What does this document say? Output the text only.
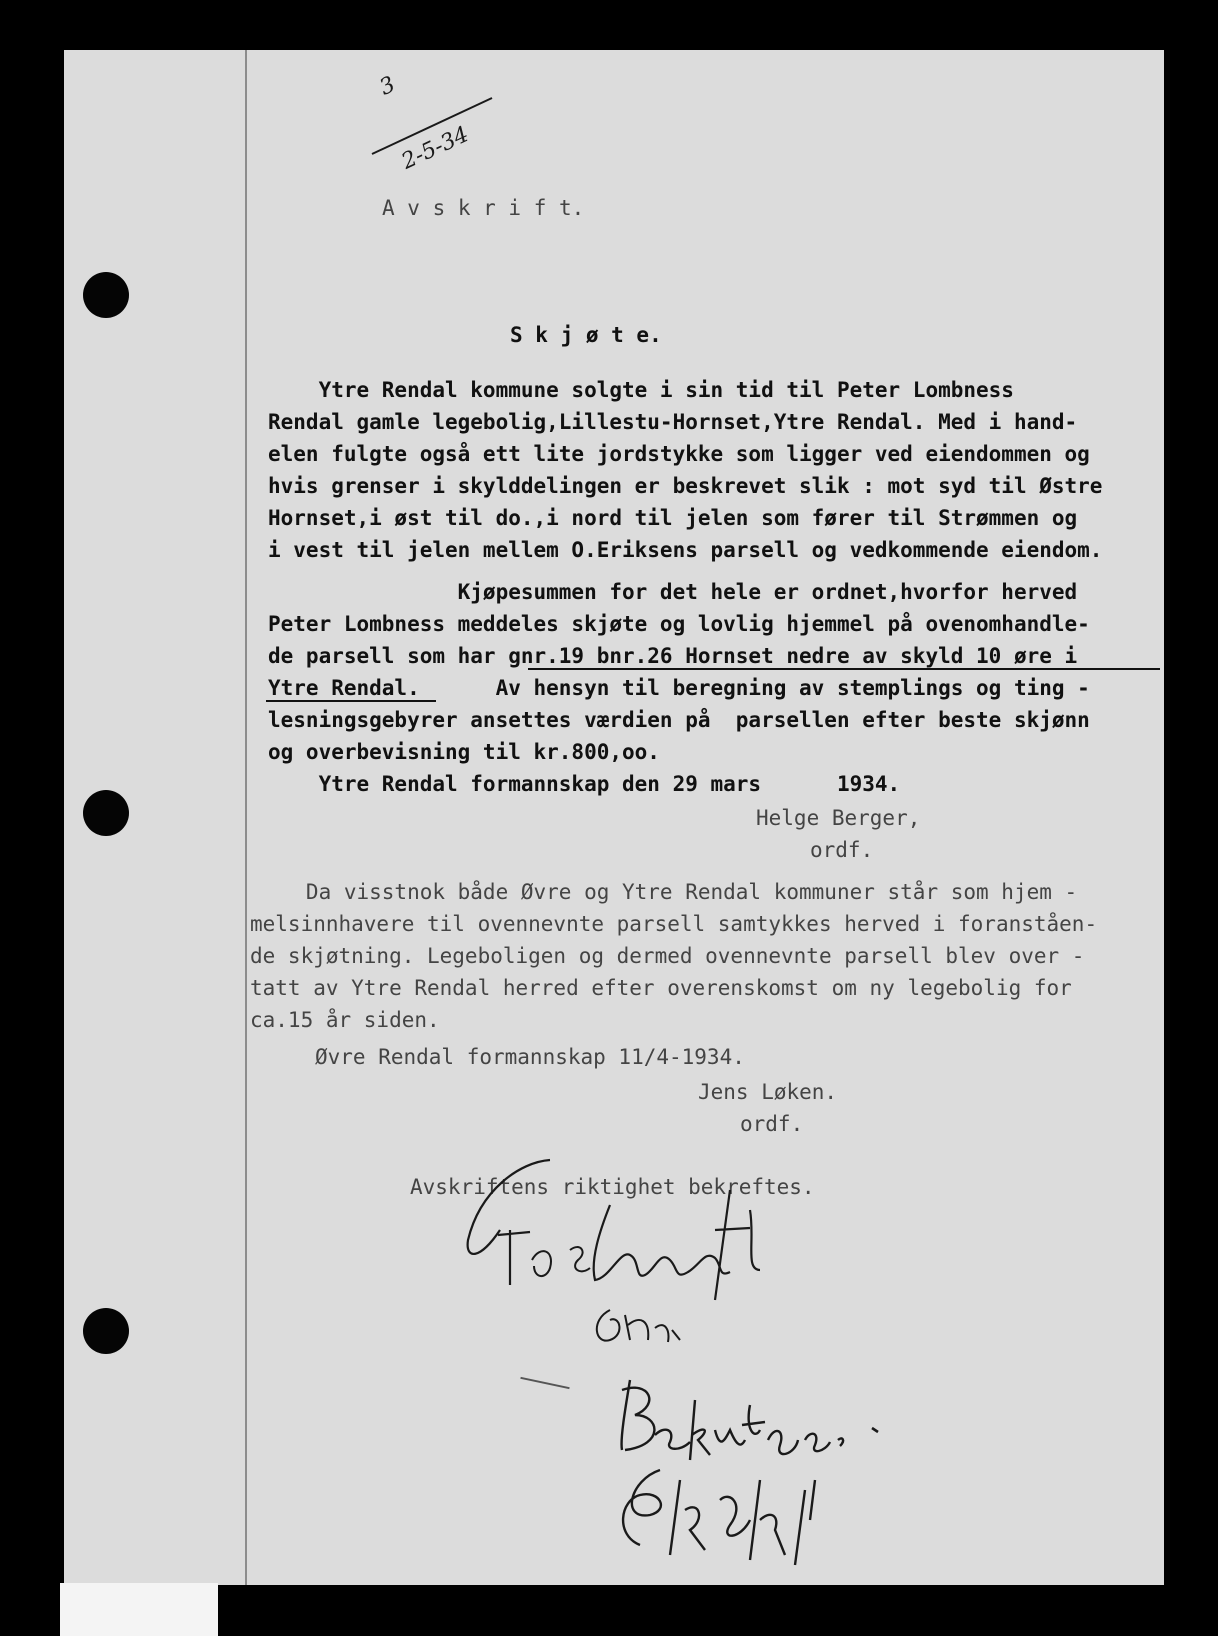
3
2-5-34
A v s k r i f t.
S k j ø t e.
Ytre Rendal kommune solgte i sin tid til Peter Lombness
Rendal gamle legebolig,Lillestu-Hornset,Ytre Rendal. Med i hand-
elen fulgte også ett lite jordstykke som ligger ved eiendommen og
hvis grenser i skylddelingen er beskrevet slik : mot syd til Østre
Hornset,i øst til do.,i nord til jelen som fører til Strømmen og
i vest til jelen mellem O.Eriksens parsell og vedkommende eiendom.
Kjøpesummen for det hele er ordnet,hvorfor herved
Peter Lombness meddeles skjøte og lovlig hjemmel på ovenomhandle-
de parsell som har gnr.19 bnr.26 Hornset nedre av skyld 10 øre i
Ytre Rendal.      Av hensyn til beregning av stemplings og ting -
lesningsgebyrer ansettes værdien på  parsellen efter beste skjønn
og overbevisning til kr.800,oo.
Ytre Rendal formannskap den 29 mars      1934.
Helge Berger,
ordf.
Da visstnok både Øvre og Ytre Rendal kommuner står som hjem -
melsinnhavere til ovennevnte parsell samtykkes herved i foranståen-
de skjøtning. Legeboligen og dermed ovennevnte parsell blev over -
tatt av Ytre Rendal herred efter overenskomst om ny legebolig for
ca.15 år siden.
Øvre Rendal formannskap 11/4-1934.
Jens Løken.
ordf.
Avskriftens riktighet bekreftes.
